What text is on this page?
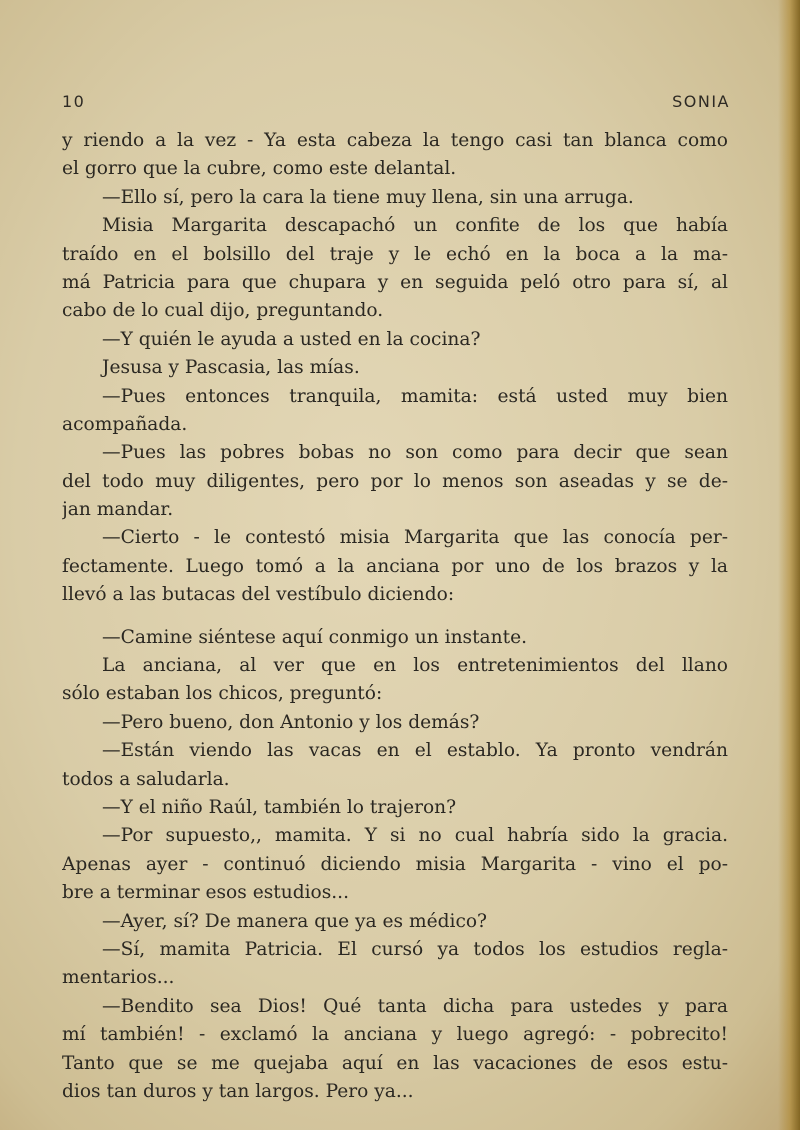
10	SONIA
y riendo a la vez - Ya esta cabeza la tengo casi tan blanca como
el gorro que la cubre, como este delantal.
—Ello sí, pero la cara la tiene muy llena, sin una arruga.
Misia Margarita descapachó un confite de los que había
traído en el bolsillo del traje y le echó en la boca a la ma-
má Patricia para que chupara y en seguida peló otro para sí, al
cabo de lo cual dijo, preguntando.
—Y quién le ayuda a usted en la cocina?
Jesusa y Pascasia, las mías.
—Pues entonces tranquila, mamita: está usted muy bien
acompañada.
—Pues las pobres bobas no son como para decir que sean
del todo muy diligentes, pero por lo menos son aseadas y se de-
jan mandar.
—Cierto - le contestó misia Margarita que las conocía per-
fectamente. Luego tomó a la anciana por uno de los brazos y la
llevó a las butacas del vestíbulo diciendo:
—Camine siéntese aquí conmigo un instante.
La anciana, al ver que en los entretenimientos del llano
sólo estaban los chicos, preguntó:
—Pero bueno, don Antonio y los demás?
—Están viendo las vacas en el establo. Ya pronto vendrán
todos a saludarla.
—Y el niño Raúl, también lo trajeron?
—Por supuesto,, mamita. Y si no cual habría sido la gracia.
Apenas ayer - continuó diciendo misia Margarita - vino el po-
bre a terminar esos estudios...
—Ayer, sí? De manera que ya es médico?
—Sí, mamita Patricia. El cursó ya todos los estudios regla-
mentarios...
—Bendito sea Dios! Qué tanta dicha para ustedes y para
mí también! - exclamó la anciana y luego agregó: - pobrecito!
Tanto que se me quejaba aquí en las vacaciones de esos estu-
dios tan duros y tan largos. Pero ya...
